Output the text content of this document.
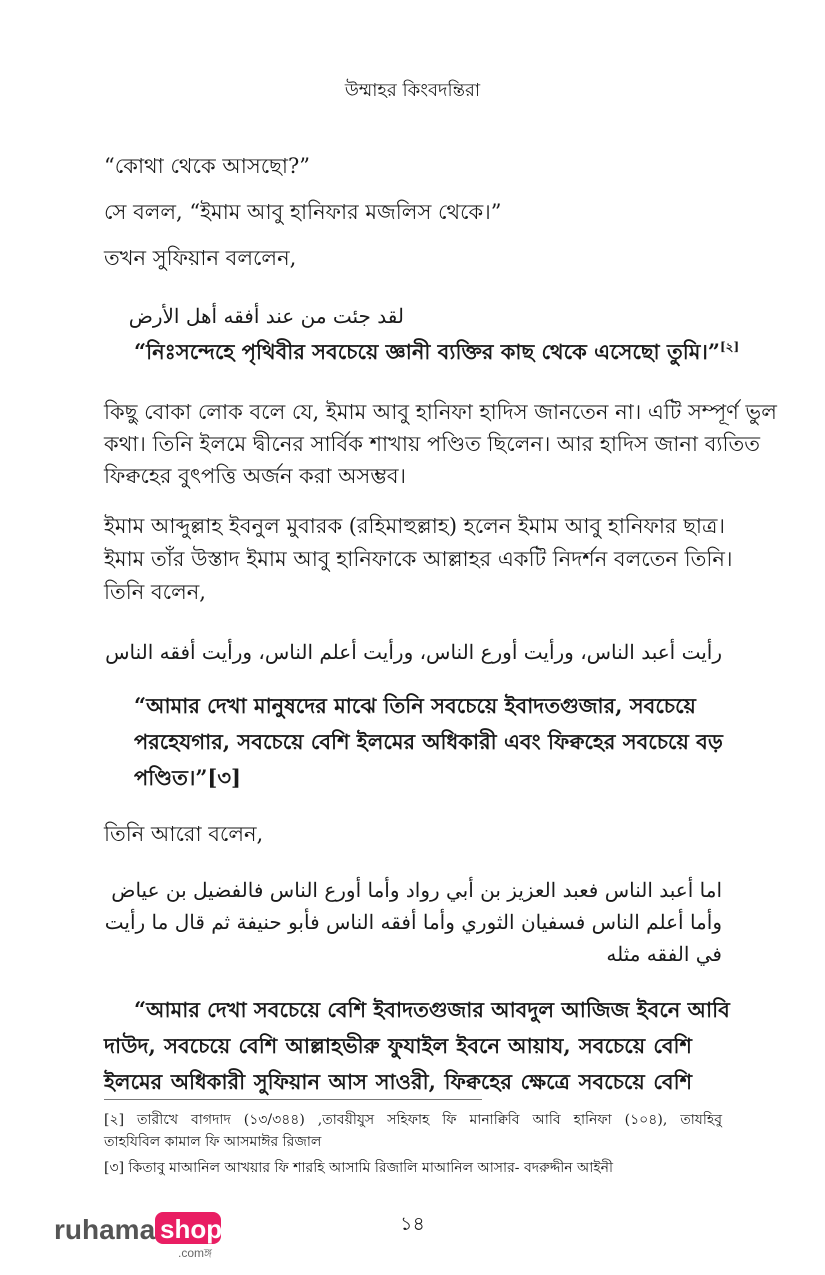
উম্মাহর কিংবদন্তিরা
“কোথা থেকে আসছো?”
সে বলল, “ইমাম আবু হানিফার মজলিস থেকে।”
তখন সুফিয়ান বললেন,
لقد جئت من عند أفقه أهل الأرض
“নিঃসন্দেহে পৃথিবীর সবচেয়ে জ্ঞানী ব্যক্তির কাছ থেকে এসেছো তুমি।”[২]
কিছু বোকা লোক বলে যে, ইমাম আবু হানিফা হাদিস জানতেন না। এটি সম্পূর্ণ ভুল
কথা। তিনি ইলমে দ্বীনের সার্বিক শাখায় পণ্ডিত ছিলেন। আর হাদিস জানা ব্যতিত
ফিক্বহের বুৎপত্তি অর্জন করা অসম্ভব।
ইমাম আব্দুল্লাহ ইবনুল মুবারক (রহিমাহুল্লাহ) হলেন ইমাম আবু হানিফার ছাত্র।
ইমাম তাঁর উস্তাদ ইমাম আবু হানিফাকে আল্লাহর একটি নিদর্শন বলতেন তিনি।
তিনি বলেন,
رأيت أعبد الناس، ورأيت أورع الناس، ورأيت أعلم الناس، ورأيت أفقه الناس
“আমার দেখা মানুষদের মাঝে তিনি সবচেয়ে ইবাদতগুজার, সবচেয়ে
পরহেযগার, সবচেয়ে বেশি ইলমের অধিকারী এবং ফিক্বহের সবচেয়ে বড়
পণ্ডিত।”[৩]
তিনি আরো বলেন,
اما أعبد الناس فعبد العزيز بن أبي رواد وأما أورع الناس فالفضيل بن عياض
وأما أعلم الناس فسفيان الثوري وأما أفقه الناس فأبو حنيفة ثم قال ما رأيت
في الفقه مثله
“আমার দেখা সবচেয়ে বেশি ইবাদতগুজার আবদুল আজিজ ইবনে আবি
দাউদ, সবচেয়ে বেশি আল্লাহভীরু ফুযাইল ইবনে আয়ায, সবচেয়ে বেশি
ইলমের অধিকারী সুফিয়ান আস সাওরী, ফিক্বহের ক্ষেত্রে সবচেয়ে বেশি
[২] তারীখে বাগদাদ (১৩/৩৪৪) ,তাবয়ীযুস সহিফাহ ফি মানাক্বিবি আবি হানিফা (১০৪), তাযহিবু
তাহযিবিল কামাল ফি আসমাঈর রিজাল
[৩] কিতাবু মাআনিল আখয়ার ফি শারহি আসামি রিজালি মাআনিল আসার- বদরুদ্দীন আইনী
১৪
ruhama shop
.comঙ্গ
